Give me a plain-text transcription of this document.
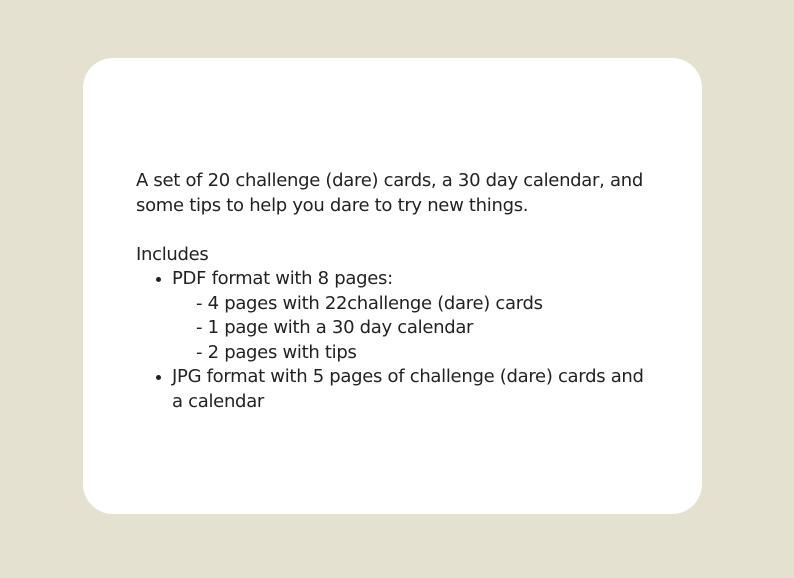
A set of 20 challenge (dare) cards, a 30 day calendar, and some tips to help you dare to try new things.

Includes

PDF format with 8 pages:
- 4 pages with 22challenge (dare) cards
- 1 page with a 30 day calendar
- 2 pages with tips
JPG format with 5 pages of challenge (dare) cards and a calendar
